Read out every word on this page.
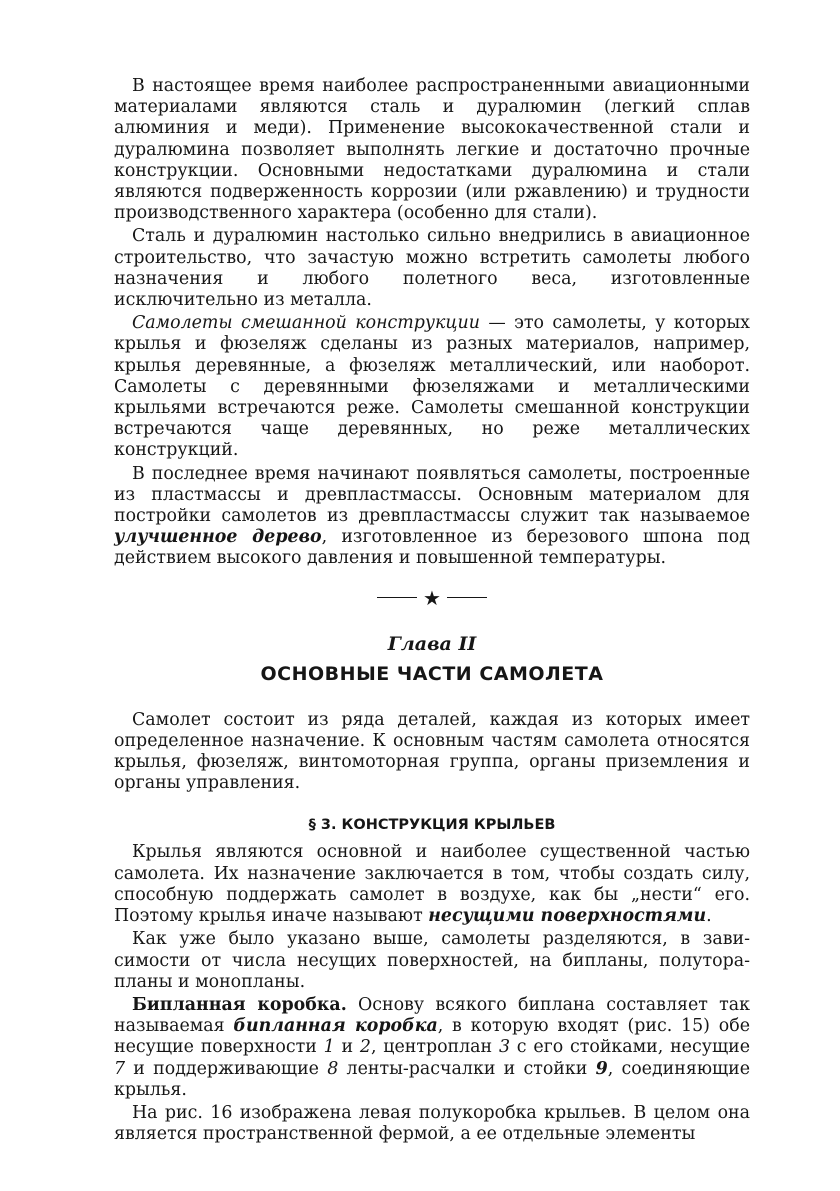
В настоящее время наиболее распространенными авиационными материалами являются сталь и дуралюмин (легкий сплав алюминия и меди). Применение высококачественной стали и дуралюмина позволяет выполнять легкие и достаточно прочные конструкции. Основными недостатками дуралюмина и стали являются подверженность коррозии (или ржавлению) и трудности производственного характера (особенно для стали).

Сталь и дуралюмин настолько сильно внедрились в авиационное строительство, что зачастую можно встретить самолеты любого назначения и любого полетного веса, изготовленные исключительно из металла.

Самолеты смешанной конструкции — это самолеты, у которых крылья и фюзеляж сделаны из разных материалов, например, крылья деревянные, а фюзеляж металлический, или наоборот. Самолеты с деревянными фюзеляжами и металлическими крыльями встречаются реже. Самолеты смешанной конструкции встречаются чаще деревянных, но реже металлических конструкций.

В последнее время начинают появляться самолеты, построенные из пластмассы и древпластмассы. Основным материалом для постройки самолетов из древпластмассы служит так называемое улучшенное дерево, изготовленное из березового шпона под действием высокого давления и повышенной температуры.

★
Глава II
ОСНОВНЫЕ ЧАСТИ САМОЛЕТА

Самолет состоит из ряда деталей, каждая из которых имеет определенное назначение. К основным частям самолета относятся крылья, фюзеляж, винтомоторная группа, органы приземления и органы управления.

§ 3. КОНСТРУКЦИЯ КРЫЛЬЕВ

Крылья являются основной и наиболее существенной частью самолета. Их назначение заключается в том, чтобы создать силу, способную поддержать самолет в воздухе, как бы „нести“ его. Поэтому крылья иначе называют несущими поверхностями.

Как уже было указано выше, самолеты разделяются, в зависимости от числа несущих поверхностей, на бипланы, полуторапланы и монопланы.

Бипланная коробка. Основу всякого биплана составляет так называемая бипланная коробка, в которую входят (рис. 15) обе несущие поверхности 1 и 2, центроплан 3 с его стойками, несущие 7 и поддерживающие 8 ленты-расчалки и стойки 9, соединяющие крылья.

На рис. 16 изображена левая полукоробка крыльев. В целом она является пространственной фермой, а ее отдельные элементы
